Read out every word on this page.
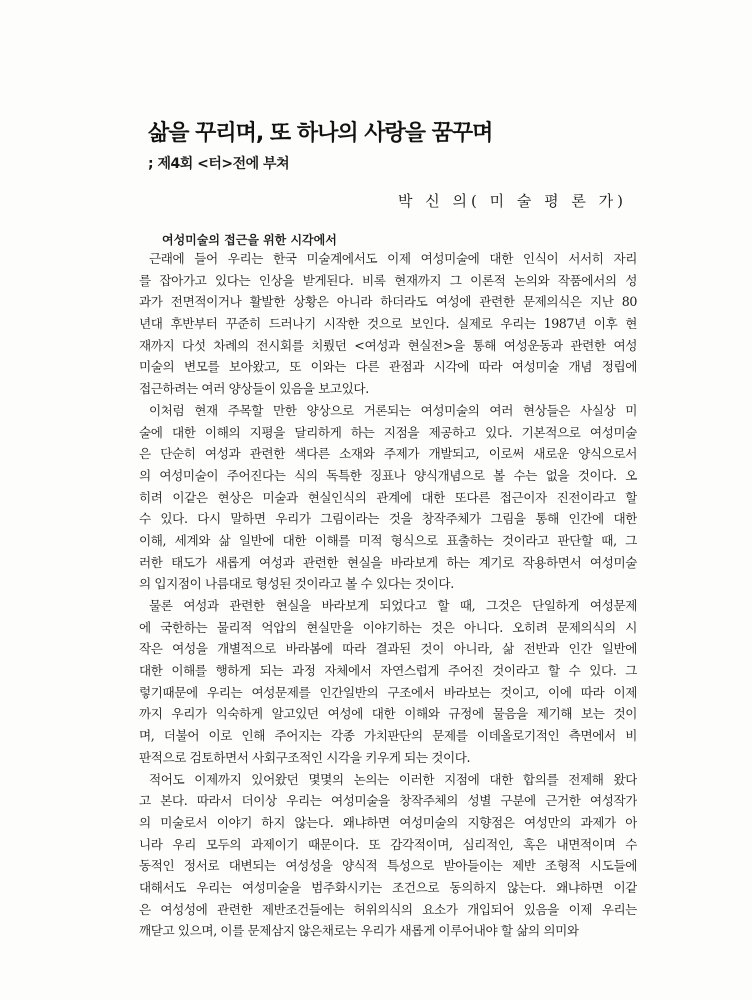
삶을 꾸리며, 또 하나의 사랑을 꿈꾸며
; 제4회 <터>전에 부쳐
박 신 의( 미 술 평 론 가)
여성미술의 접근을 위한 시각에서
근래에 들어 우리는 한국 미술계에서도 이제 여성미술에 대한 인식이 서서히 자리
를 잡아가고 있다는 인상을 받게된다. 비록 현재까지 그 이론적 논의와 작품에서의 성
과가 전면적이거나 활발한 상황은 아니라 하더라도 여성에 관련한 문제의식은 지난 80
년대 후반부터 꾸준히 드러나기 시작한 것으로 보인다. 실제로 우리는 1987년 이후 현
재까지 다섯 차례의 전시회를 치뤘던 <여성과 현실전>을 통해 여성운동과 관련한 여성
미술의 변모를 보아왔고, 또 이와는 다른 관점과 시각에 따라 여성미술 개념 정립에
접근하려는 여러 양상들이 있음을 보고있다.
이처럼 현재 주목할 만한 양상으로 거론되는 여성미술의 여러 현상들은 사실상 미
술에 대한 이해의 지평을 달리하게 하는 지점을 제공하고 있다. 기본적으로 여성미술
은 단순히 여성과 관련한 색다른 소재와 주제가 개발되고, 이로써 새로운 양식으로서
의 여성미술이 주어진다는 식의 독특한 징표나 양식개념으로 볼 수는 없을 것이다. 오
히려 이같은 현상은 미술과 현실인식의 관계에 대한 또다른 접근이자 진전이라고 할
수 있다. 다시 말하면 우리가 그림이라는 것을 창작주체가 그림을 통해 인간에 대한
이해, 세계와 삶 일반에 대한 이해를 미적 형식으로 표출하는 것이라고 판단할 때, 그
러한 태도가 새롭게 여성과 관련한 현실을 바라보게 하는 계기로 작용하면서 여성미술
의 입지점이 나름대로 형성된 것이라고 볼 수 있다는 것이다.
물론 여성과 관련한 현실을 바라보게 되었다고 할 때, 그것은 단일하게 여성문제
에 국한하는 물리적 억압의 현실만을 이야기하는 것은 아니다. 오히려 문제의식의 시
작은 여성을 개별적으로 바라봄에 따라 결과된 것이 아니라, 삶 전반과 인간 일반에
대한 이해를 행하게 되는 과정 자체에서 자연스럽게 주어진 것이라고 할 수 있다. 그
렇기때문에 우리는 여성문제를 인간일반의 구조에서 바라보는 것이고, 이에 따라 이제
까지 우리가 익숙하게 알고있던 여성에 대한 이해와 규정에 물음을 제기해 보는 것이
며, 더불어 이로 인해 주어지는 각종 가치판단의 문제를 이데올로기적인 측면에서 비
판적으로 검토하면서 사회구조적인 시각을 키우게 되는 것이다.
적어도 이제까지 있어왔던 몇몇의 논의는 이러한 지점에 대한 합의를 전제해 왔다
고 본다. 따라서 더이상 우리는 여성미술을 창작주체의 성별 구분에 근거한 여성작가
의 미술로서 이야기 하지 않는다. 왜냐하면 여성미술의 지향점은 여성만의 과제가 아
니라 우리 모두의 과제이기 때문이다. 또 감각적이며, 심리적인, 혹은 내면적이며 수
동적인 정서로 대변되는 여성성을 양식적 특성으로 받아들이는 제반 조형적 시도들에
대해서도 우리는 여성미술을 범주화시키는 조건으로 동의하지 않는다. 왜냐하면 이같
은 여성성에 관련한 제반조건들에는 허위의식의 요소가 개입되어 있음을 이제 우리는
깨닫고 있으며, 이를 문제삼지 않은채로는 우리가 새롭게 이루어내야 할 삶의 의미와
